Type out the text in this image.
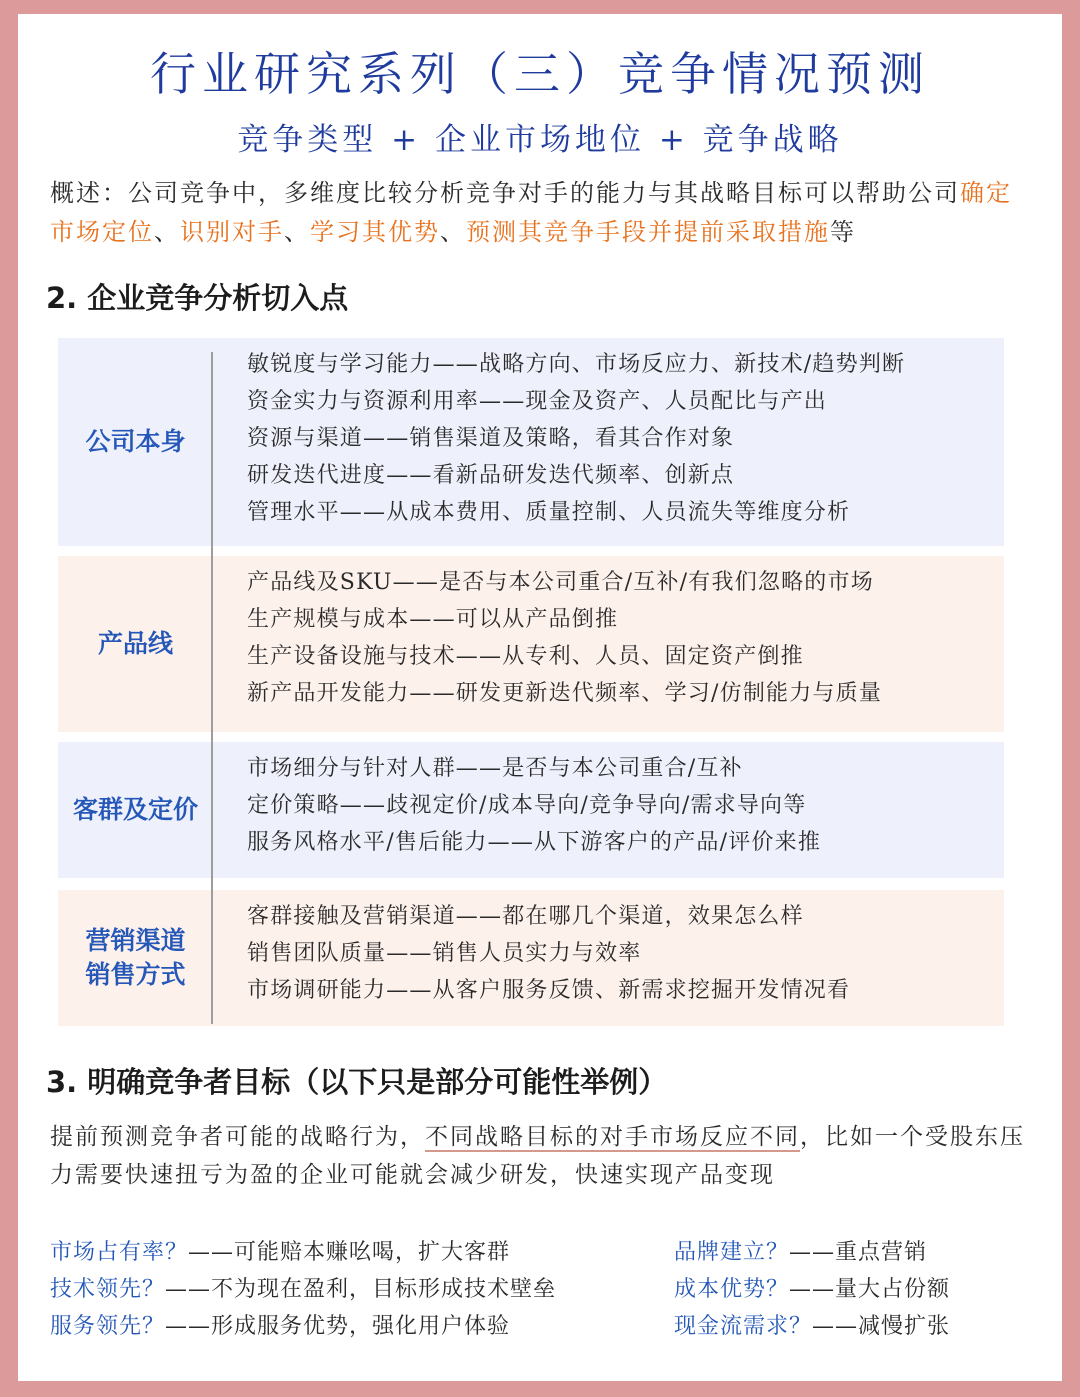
行业研究系列（三）竞争情况预测
竞争类型 + 企业市场地位 + 竞争战略
概述：公司竞争中，多维度比较分析竞争对手的能力与其战略目标可以帮助公司确定市场定位、识别对手、学习其优势、预测其竞争手段并提前采取措施等
2. 企业竞争分析切入点
公司本身
敏锐度与学习能力——战略方向、市场反应力、新技术/趋势判断
资金实力与资源利用率——现金及资产、人员配比与产出
资源与渠道——销售渠道及策略，看其合作对象
研发迭代进度——看新品研发迭代频率、创新点
管理水平——从成本费用、质量控制、人员流失等维度分析
产品线
产品线及SKU——是否与本公司重合/互补/有我们忽略的市场
生产规模与成本——可以从产品倒推
生产设备设施与技术——从专利、人员、固定资产倒推
新产品开发能力——研发更新迭代频率、学习/仿制能力与质量
客群及定价
市场细分与针对人群——是否与本公司重合/互补
定价策略——歧视定价/成本导向/竞争导向/需求导向等
服务风格水平/售后能力——从下游客户的产品/评价来推
营销渠道
销售方式
客群接触及营销渠道——都在哪几个渠道，效果怎么样
销售团队质量——销售人员实力与效率
市场调研能力——从客户服务反馈、新需求挖掘开发情况看
3. 明确竞争者目标（以下只是部分可能性举例）
提前预测竞争者可能的战略行为，不同战略目标的对手市场反应不同，比如一个受股东压力需要快速扭亏为盈的企业可能就会减少研发，快速实现产品变现
市场占有率？——可能赔本赚吆喝，扩大客群
技术领先？——不为现在盈利，目标形成技术壁垒
服务领先？——形成服务优势，强化用户体验
品牌建立？——重点营销
成本优势？——量大占份额
现金流需求？——减慢扩张
